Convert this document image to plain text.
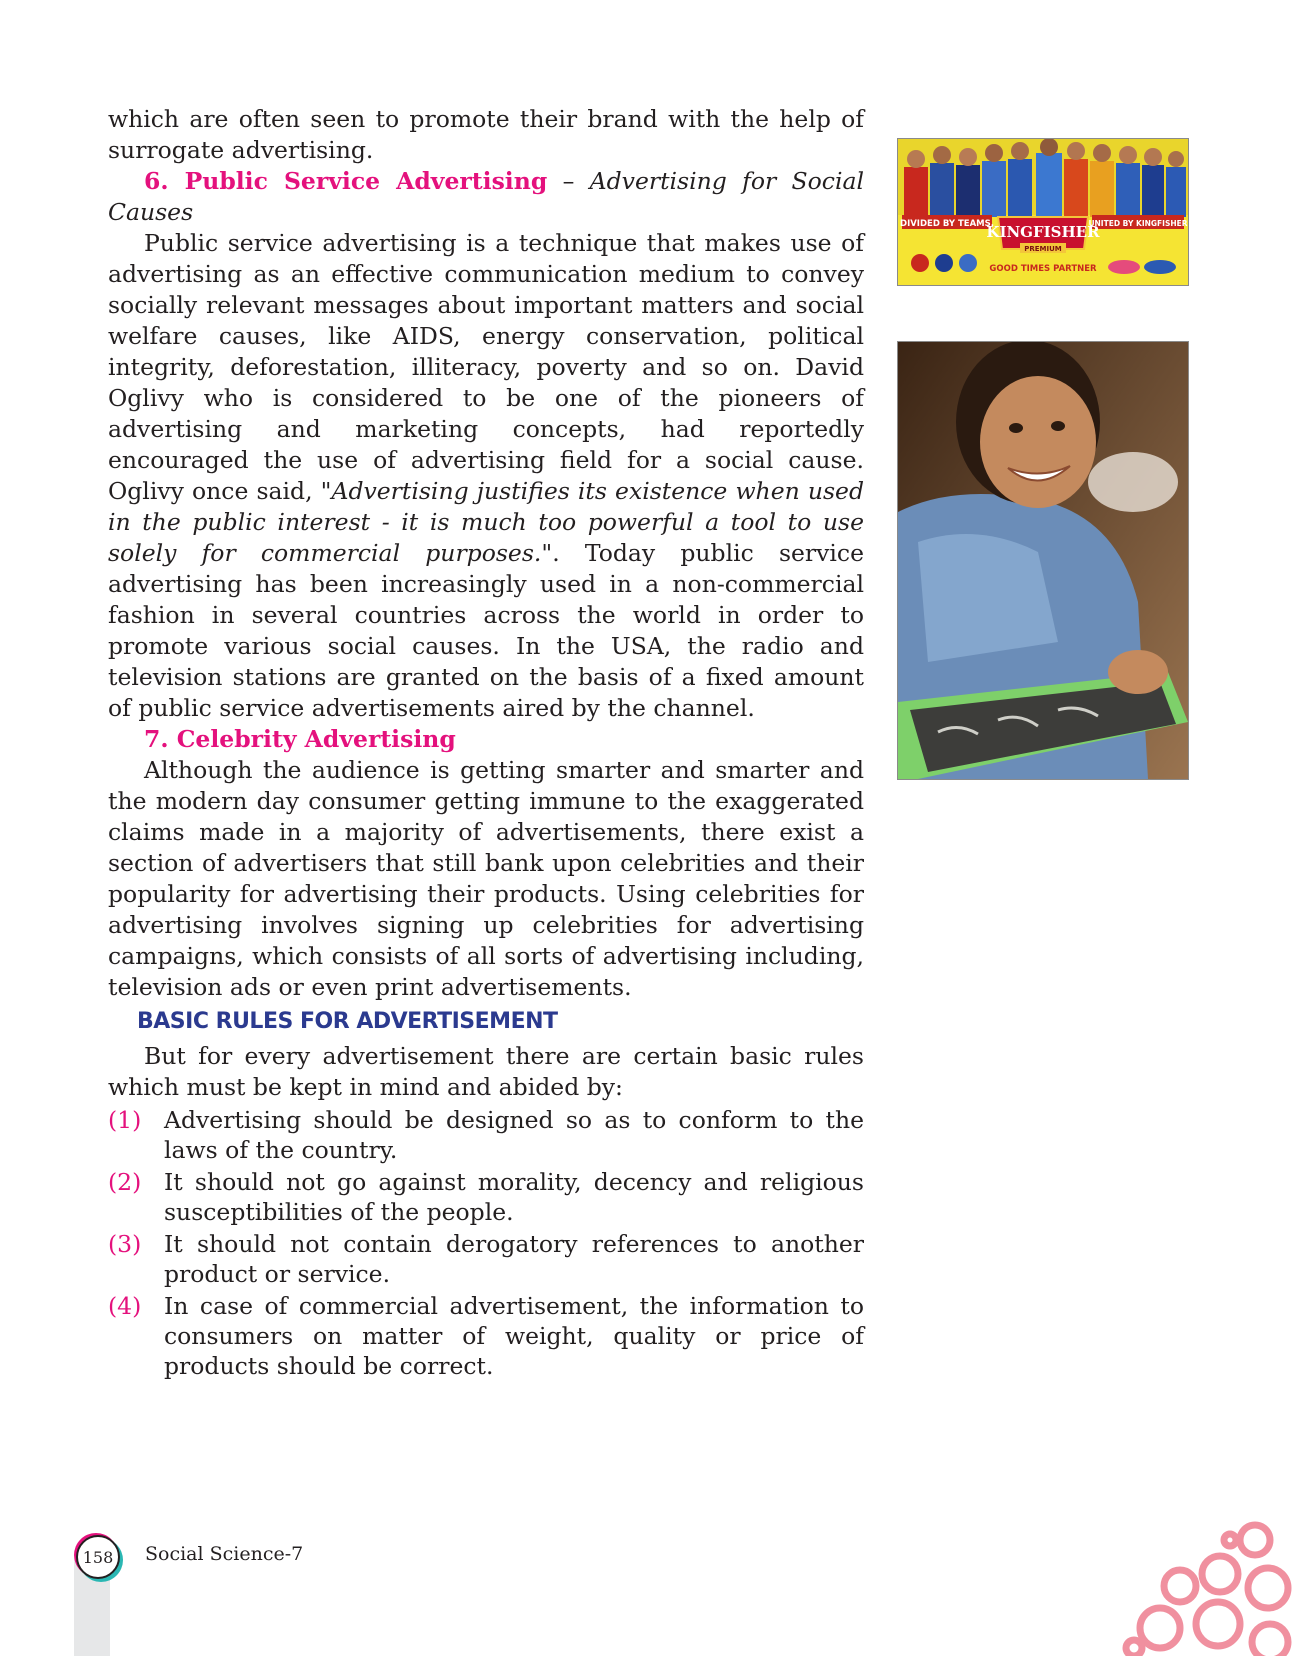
which are often seen to promote their brand with the help of surrogate advertising.

6. Public Service Advertising – Advertising for Social Causes

Public service advertising is a technique that makes use of advertising as an effective communication medium to convey socially relevant messages about important matters and social welfare causes, like AIDS, energy conservation, political integrity, deforestation, illiteracy, poverty and so on. David Oglivy who is considered to be one of the pioneers of advertising and marketing concepts, had reportedly encouraged the use of advertising field for a social cause. Oglivy once said, "Advertising justifies its existence when used in the public interest - it is much too powerful a tool to use solely for commercial purposes.". Today public service advertising has been increasingly used in a non-commercial fashion in several countries across the world in order to promote various social causes. In the USA, the radio and television stations are granted on the basis of a fixed amount of public service advertisements aired by the channel.

7. Celebrity Advertising

Although the audience is getting smarter and smarter and the modern day consumer getting immune to the exaggerated claims made in a majority of advertisements, there exist a section of advertisers that still bank upon celebrities and their popularity for advertising their products. Using celebrities for advertising involves signing up celebrities for advertising campaigns, which consists of all sorts of advertising including, television ads or even print advertisements.

BASIC RULES FOR ADVERTISEMENT

But for every advertisement there are certain basic rules which must be kept in mind and abided by:

(1) Advertising should be designed so as to conform to the laws of the country.
(2) It should not go against morality, decency and religious susceptibilities of the people.
(3) It should not contain derogatory references to another product or service.
(4) In case of commercial advertisement, the information to consumers on matter of weight, quality or price of products should be correct.
DIVIDED BY TEAMS.	UNITED BY KINGFISHER
KINGFISHER
PREMIUM
GOOD TIMES PARTNER
158	Social Science-7
